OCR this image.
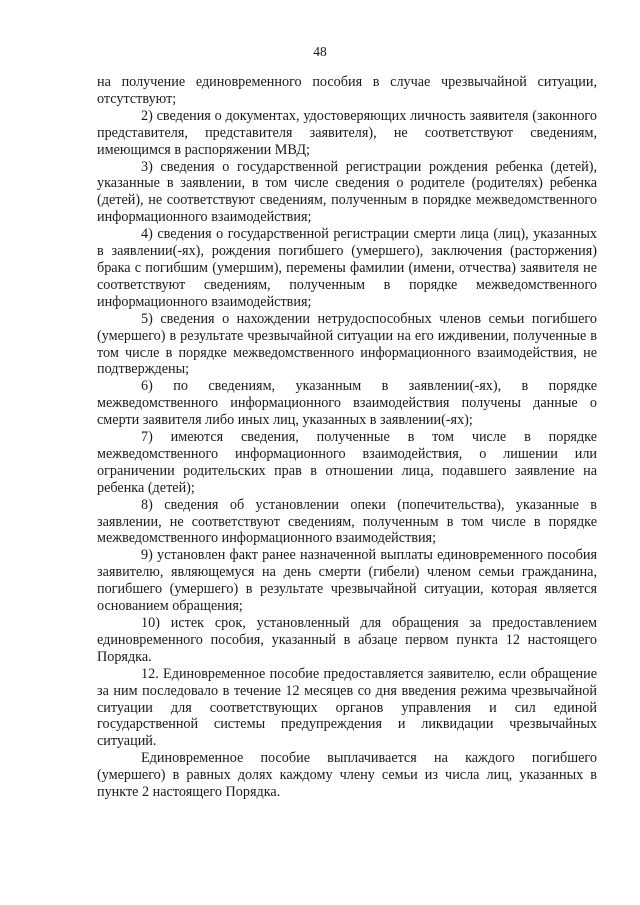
48

на получение единовременного пособия в случае чрезвычайной ситуации, отсутствуют;

2) сведения о документах, удостоверяющих личность заявителя (законного представителя, представителя заявителя), не соответствуют сведениям, имеющимся в распоряжении МВД;

3) сведения о государственной регистрации рождения ребенка (детей), указанные в заявлении, в том числе сведения о родителе (родителях) ребенка (детей), не соответствуют сведениям, полученным в порядке межведомственного информационного взаимодействия;

4) сведения о государственной регистрации смерти лица (лиц), указанных в заявлении(-ях), рождения погибшего (умершего), заключения (расторжения) брака с погибшим (умершим), перемены фамилии (имени, отчества) заявителя не соответствуют сведениям, полученным в порядке межведомственного информационного взаимодействия;

5) сведения о нахождении нетрудоспособных членов семьи погибшего (умершего) в результате чрезвычайной ситуации на его иждивении, полученные в том числе в порядке межведомственного информационного взаимодействия, не подтверждены;

6) по сведениям, указанным в заявлении(-ях), в порядке межведомственного информационного взаимодействия получены данные о смерти заявителя либо иных лиц, указанных в заявлении(-ях);

7) имеются сведения, полученные в том числе в порядке межведомственного информационного взаимодействия, о лишении или ограничении родительских прав в отношении лица, подавшего заявление на ребенка (детей);

8) сведения об установлении опеки (попечительства), указанные в заявлении, не соответствуют сведениям, полученным в том числе в порядке межведомственного информационного взаимодействия;

9) установлен факт ранее назначенной выплаты единовременного пособия заявителю, являющемуся на день смерти (гибели) членом семьи гражданина, погибшего (умершего) в результате чрезвычайной ситуации, которая является основанием обращения;

10) истек срок, установленный для обращения за предоставлением единовременного пособия, указанный в абзаце первом пункта 12 настоящего Порядка.

12. Единовременное пособие предоставляется заявителю, если обращение за ним последовало в течение 12 месяцев со дня введения режима чрезвычайной ситуации для соответствующих органов управления и сил единой государственной системы предупреждения и ликвидации чрезвычайных ситуаций.

Единовременное пособие выплачивается на каждого погибшего (умершего) в равных долях каждому члену семьи из числа лиц, указанных в пункте 2 настоящего Порядка.
